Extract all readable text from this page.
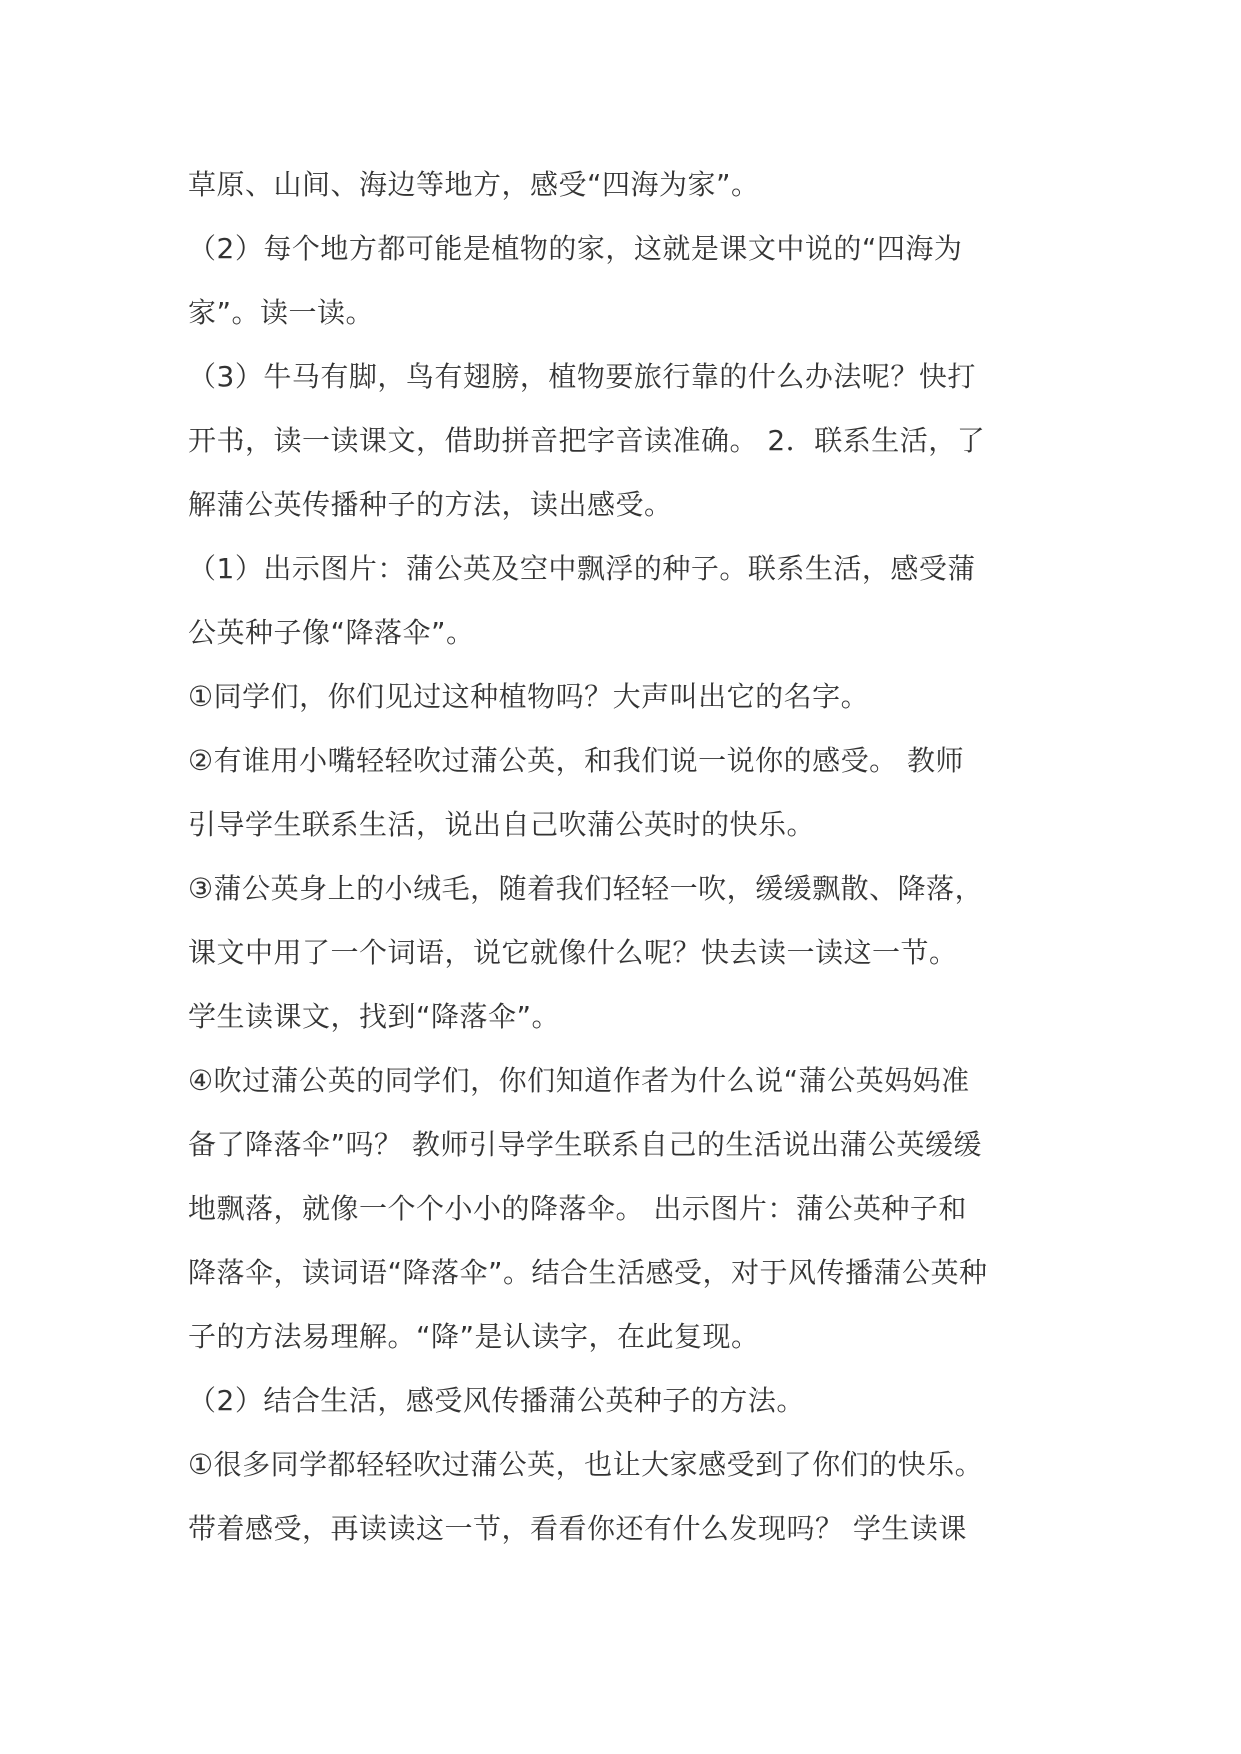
草原、山间、海边等地方，感受“四海为家”。
（2）每个地方都可能是植物的家，这就是课文中说的“四海为
家”。读一读。
（3）牛马有脚，鸟有翅膀，植物要旅行靠的什么办法呢？快打
开书，读一读课文，借助拼音把字音读准确。 2．联系生活，了
解蒲公英传播种子的方法，读出感受。
（1）出示图片：蒲公英及空中飘浮的种子。联系生活，感受蒲
公英种子像“降落伞”。
①同学们，你们见过这种植物吗？大声叫出它的名字。
②有谁用小嘴轻轻吹过蒲公英，和我们说一说你的感受。 教师
引导学生联系生活，说出自己吹蒲公英时的快乐。
③蒲公英身上的小绒毛，随着我们轻轻一吹，缓缓飘散、降落，
课文中用了一个词语，说它就像什么呢？快去读一读这一节。
学生读课文，找到“降落伞”。
④吹过蒲公英的同学们，你们知道作者为什么说“蒲公英妈妈准
备了降落伞”吗？ 教师引导学生联系自己的生活说出蒲公英缓缓
地飘落，就像一个个小小的降落伞。 出示图片：蒲公英种子和
降落伞，读词语“降落伞”。结合生活感受，对于风传播蒲公英种
子的方法易理解。“降”是认读字，在此复现。
（2）结合生活，感受风传播蒲公英种子的方法。
①很多同学都轻轻吹过蒲公英，也让大家感受到了你们的快乐。
带着感受，再读读这一节，看看你还有什么发现吗？ 学生读课
